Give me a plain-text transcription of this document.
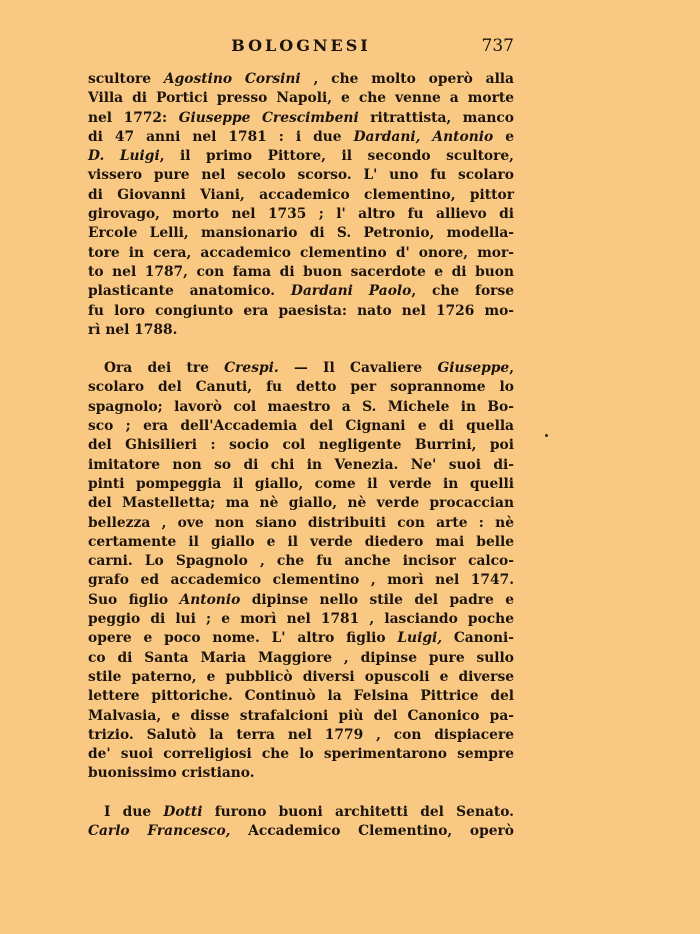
BOLOGNESI	737
scultore Agostino Corsini , che molto operò alla
Villa di Portici presso Napoli, e che venne a morte
nel 1772: Giuseppe Crescimbeni ritrattista, manco
di 47 anni nel 1781 : i due Dardani, Antonio e
D. Luigi, il primo Pittore, il secondo scultore,
vissero pure nel secolo scorso. L' uno fu scolaro
di Giovanni Viani, accademico clementino, pittor
girovago, morto nel 1735 ; l' altro fu allievo di
Ercole Lelli, mansionario di S. Petronio, modella-
tore in cera, accademico clementino d' onore, mor-
to nel 1787, con fama di buon sacerdote e di buon
plasticante anatomico. Dardani Paolo, che forse
fu loro congiunto era paesista: nato nel 1726 mo-
rì nel 1788.
Ora dei tre Crespi. — Il Cavaliere Giuseppe,
scolaro del Canuti, fu detto per soprannome lo
spagnolo; lavorò col maestro a S. Michele in Bo-
sco ; era dell'Accademia del Cignani e di quella
del Ghisilieri : socio col negligente Burrini, poi
imitatore non so di chi in Venezia. Ne' suoi di-
pinti pompeggia il giallo, come il verde in quelli
del Mastelletta; ma nè giallo, nè verde procaccian
bellezza , ove non siano distribuiti con arte : nè
certamente il giallo e il verde diedero mai belle
carni. Lo Spagnolo , che fu anche incisor calco-
grafo ed accademico clementino , morì nel 1747.
Suo figlio Antonio dipinse nello stile del padre e
peggio di lui ; e morì nel 1781 , lasciando poche
opere e poco nome. L' altro figlio Luigi, Canoni-
co di Santa Maria Maggiore , dipinse pure sullo
stile paterno, e pubblicò diversi opuscoli e diverse
lettere pittoriche. Continuò la Felsina Pittrice del
Malvasia, e disse strafalcioni più del Canonico pa-
trizio. Salutò la terra nel 1779 , con dispiacere
de' suoi correligiosi che lo sperimentarono sempre
buonissimo cristiano.
I due Dotti furono buoni architetti del Senato.
Carlo Francesco, Accademico Clementino, operò
